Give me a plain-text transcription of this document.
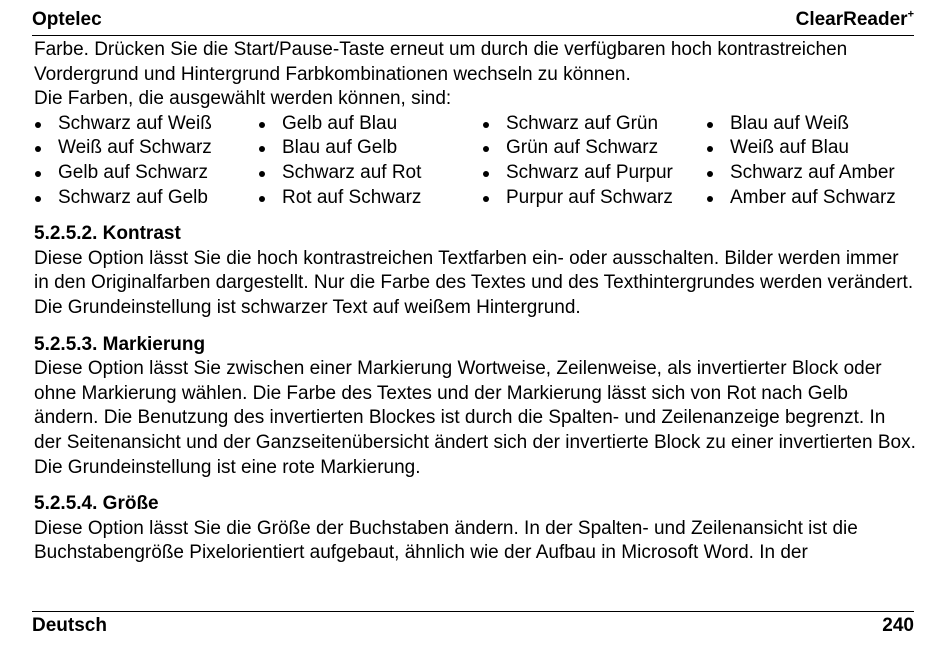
Optelec	ClearReader+

Farbe. Drücken Sie die Start/Pause-Taste erneut um durch die verfügbaren hoch kontrastreichen Vordergrund und Hintergrund Farbkombinationen wechseln zu können.

Die Farben, die ausgewählt werden können, sind:

Schwarz auf Weiß	Gelb auf Blau	Schwarz auf Grün	Blau auf Weiß
Weiß auf Schwarz	Blau auf Gelb	Grün auf Schwarz	Weiß auf Blau
Gelb auf Schwarz	Schwarz auf Rot	Schwarz auf Purpur	Schwarz auf Amber
Schwarz auf Gelb	Rot auf Schwarz	Purpur auf Schwarz	Amber auf Schwarz
5.2.5.2. Kontrast

Diese Option lässt Sie die hoch kontrastreichen Textfarben ein- oder ausschalten. Bilder werden immer in den Originalfarben dargestellt. Nur die Farbe des Textes und des Texthintergrundes werden verändert. Die Grundeinstellung ist schwarzer Text auf weißem Hintergrund.

5.2.5.3. Markierung

Diese Option lässt Sie zwischen einer Markierung Wortweise, Zeilenweise, als invertierter Block oder ohne Markierung wählen. Die Farbe des Textes und der Markierung lässt sich von Rot nach Gelb ändern. Die Benutzung des invertierten Blockes ist durch die Spalten- und Zeilenanzeige begrenzt. In der Seitenansicht und der Ganzseitenübersicht ändert sich der invertierte Block zu einer invertierten Box. Die Grundeinstellung ist eine rote Markierung.

5.2.5.4. Größe

Diese Option lässt Sie die Größe der Buchstaben ändern. In der Spalten- und Zeilenansicht ist die Buchstabengröße Pixelorientiert aufgebaut, ähnlich wie der Aufbau in Microsoft Word. In der

Deutsch	240
